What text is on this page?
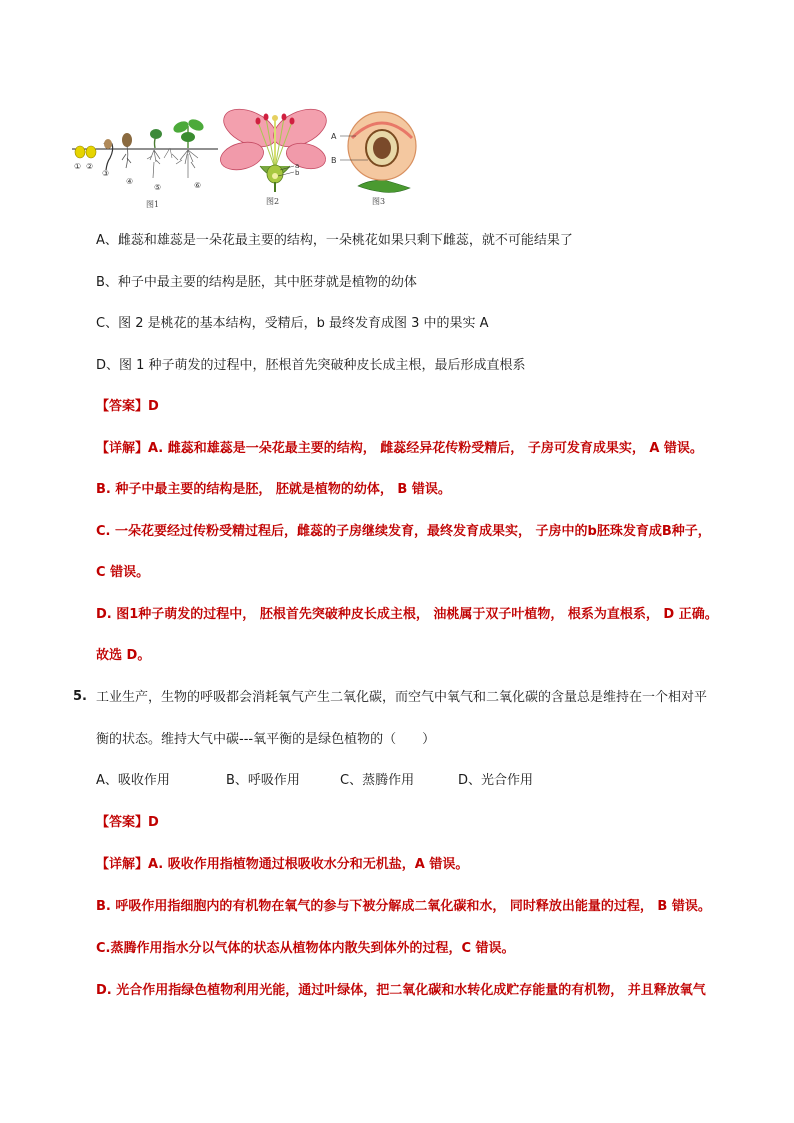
① ②
③
④
⑤	⑥
图1
a
b
图2
A
B
图3
A、雌蕊和雄蕊是一朵花最主要的结构，一朵桃花如果只剩下雌蕊，就不可能结果了
B、种子中最主要的结构是胚，其中胚芽就是植物的幼体
C、图 2 是桃花的基本结构，受精后，b 最终发育成图 3 中的果实 A
D、图 1 种子萌发的过程中，胚根首先突破种皮长成主根，最后形成直根系
【答案】D
【详解】A. 雌蕊和雄蕊是一朵花最主要的结构， 雌蕊经异花传粉受精后， 子房可发育成果实， A 错误。
B. 种子中最主要的结构是胚， 胚就是植物的幼体， B 错误。
C. 一朵花要经过传粉受精过程后，雌蕊的子房继续发育，最终发育成果实， 子房中的b胚珠发育成B种子，
C 错误。
D. 图1种子萌发的过程中， 胚根首先突破种皮长成主根， 油桃属于双子叶植物， 根系为直根系， D 正确。
故选 D。
5. 工业生产，生物的呼吸都会消耗氧气产生二氧化碳，而空气中氧气和二氧化碳的含量总是维持在一个相对平
衡的状态。维持大气中碳---氧平衡的是绿色植物的（　　）
A、吸收作用	B、呼吸作用	C、蒸腾作用	D、光合作用
【答案】D
【详解】A. 吸收作用指植物通过根吸收水分和无机盐，A 错误。
B. 呼吸作用指细胞内的有机物在氧气的参与下被分解成二氧化碳和水， 同时释放出能量的过程， B 错误。
C.蒸腾作用指水分以气体的状态从植物体内散失到体外的过程，C 错误。
D. 光合作用指绿色植物利用光能，通过叶绿体，把二氧化碳和水转化成贮存能量的有机物， 并且释放氧气
